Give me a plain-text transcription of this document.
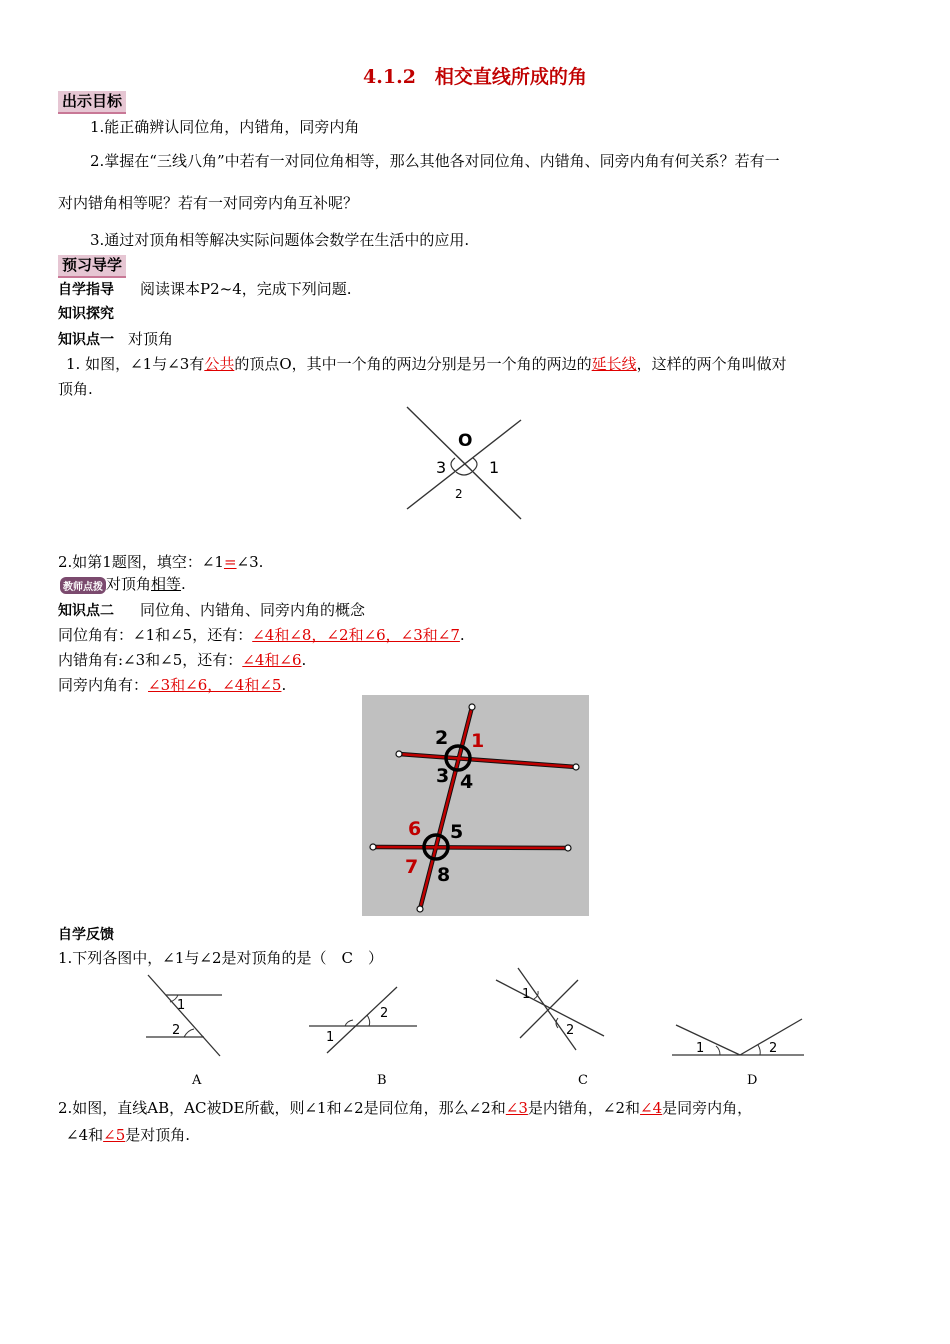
4.1.2　相交直线所成的角
出示目标
1.能正确辨认同位角，内错角，同旁内角
2.掌握在“三线八角”中若有一对同位角相等，那么其他各对同位角、内错角、同旁内角有何关系？若有一
对内错角相等呢？若有一对同旁内角互补呢？
3.通过对顶角相等解决实际问题体会数学在生活中的应用.
预习导学
自学指导 阅读课本P2~4，完成下列问题.
知识探究
知识点一 对顶角
1. 如图，∠1与∠3有公共的顶点O，其中一个角的两边分别是另一个角的两边的延长线，这样的两个角叫做对
顶角.
O
3	1
2
2.如第1题图，填空：∠1=∠3.
教师点拨 对顶角相等.
知识点二 同位角、内错角、同旁内角的概念
同位角有：∠1和∠5，还有：∠4和∠8，∠2和∠6，∠3和∠7.
内错角有:∠3和∠5，还有：∠4和∠6.
同旁内角有：∠3和∠6，∠4和∠5.
2 1
3 4
6 5
7 8
自学反馈
1.下列各图中，∠1与∠2是对顶角的是（　C　）
1
2
A
1
2
B
1
2
C
1	2
D
2.如图，直线AB，AC被DE所截，则∠1和∠2是同位角，那么∠2和∠3是内错角，∠2和∠4是同旁内角，
∠4和∠5是对顶角.
